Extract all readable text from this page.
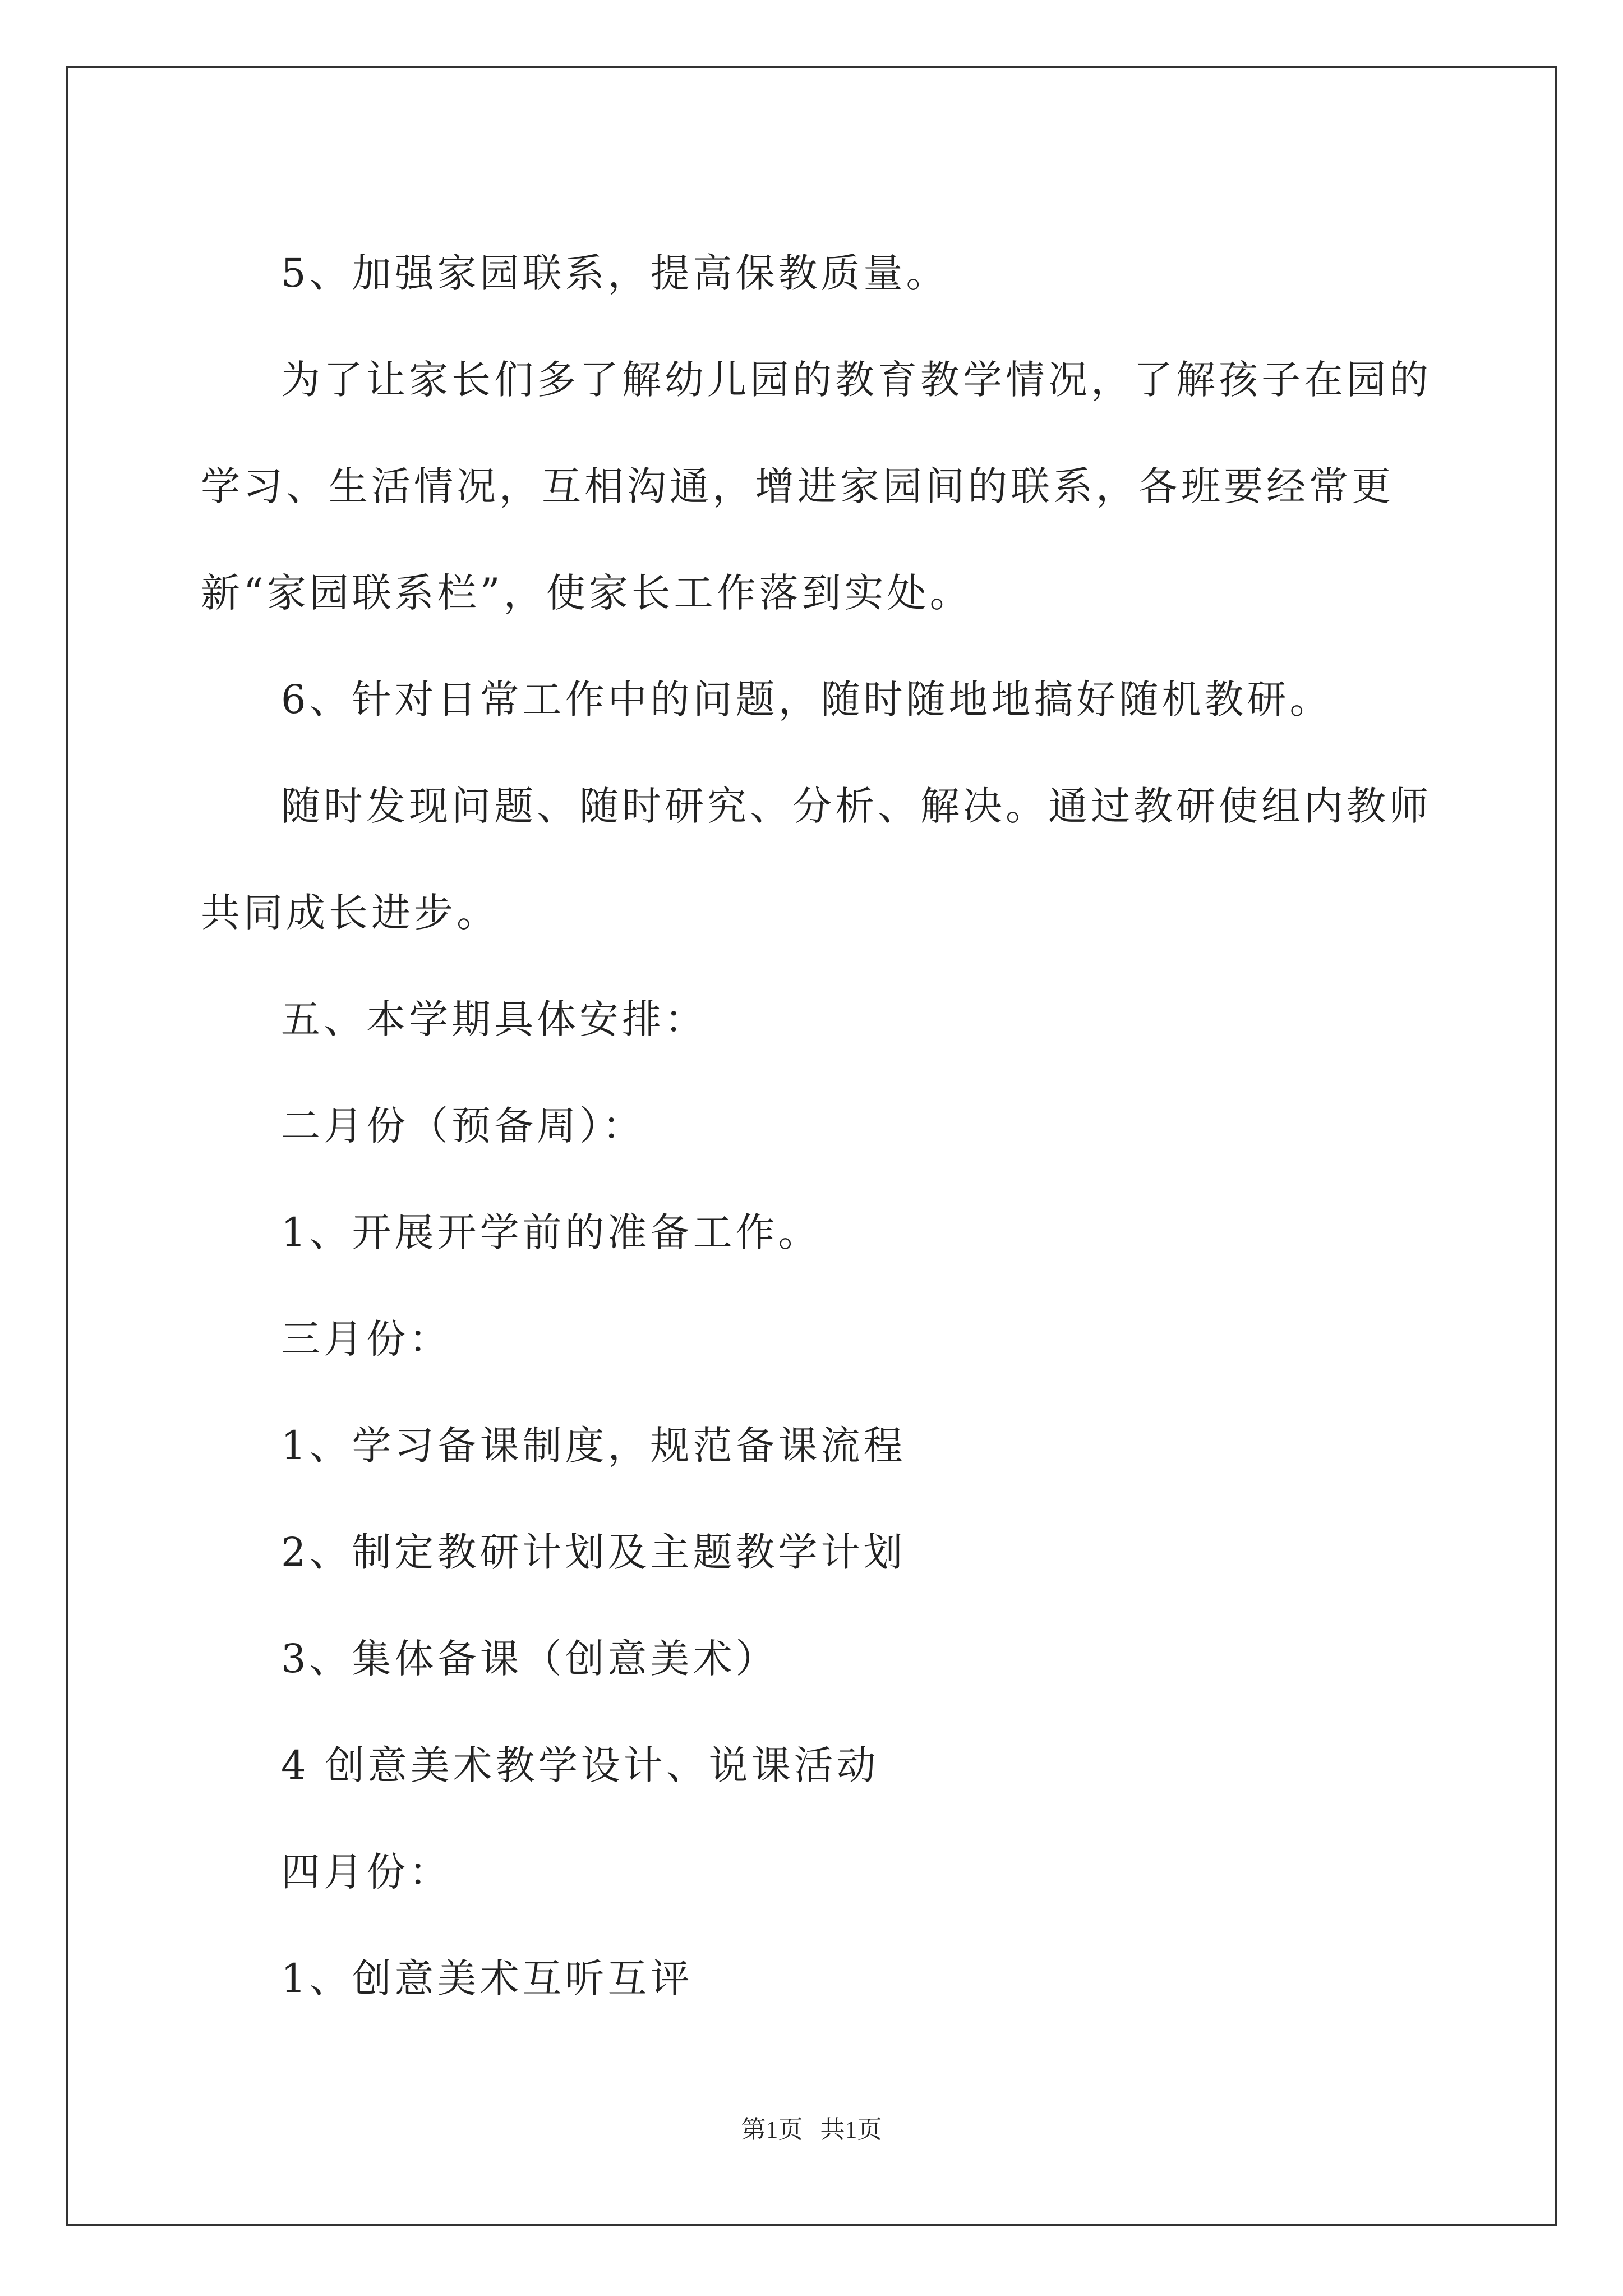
5、加强家园联系，提高保教质量。

为了让家长们多了解幼儿园的教育教学情况，了解孩子在园的学习、生活情况，互相沟通，增进家园间的联系，各班要经常更新“家园联系栏”，使家长工作落到实处。

6、针对日常工作中的问题，随时随地地搞好随机教研。

随时发现问题、随时研究、分析、解决。通过教研使组内教师共同成长进步。

五、本学期具体安排：

二月份（预备周）：

1、开展开学前的准备工作。

三月份：

1、学习备课制度，规范备课流程

2、制定教研计划及主题教学计划

3、集体备课（创意美术）

4 创意美术教学设计、说课活动

四月份：

1、创意美术互听互评

第1页 共1页
